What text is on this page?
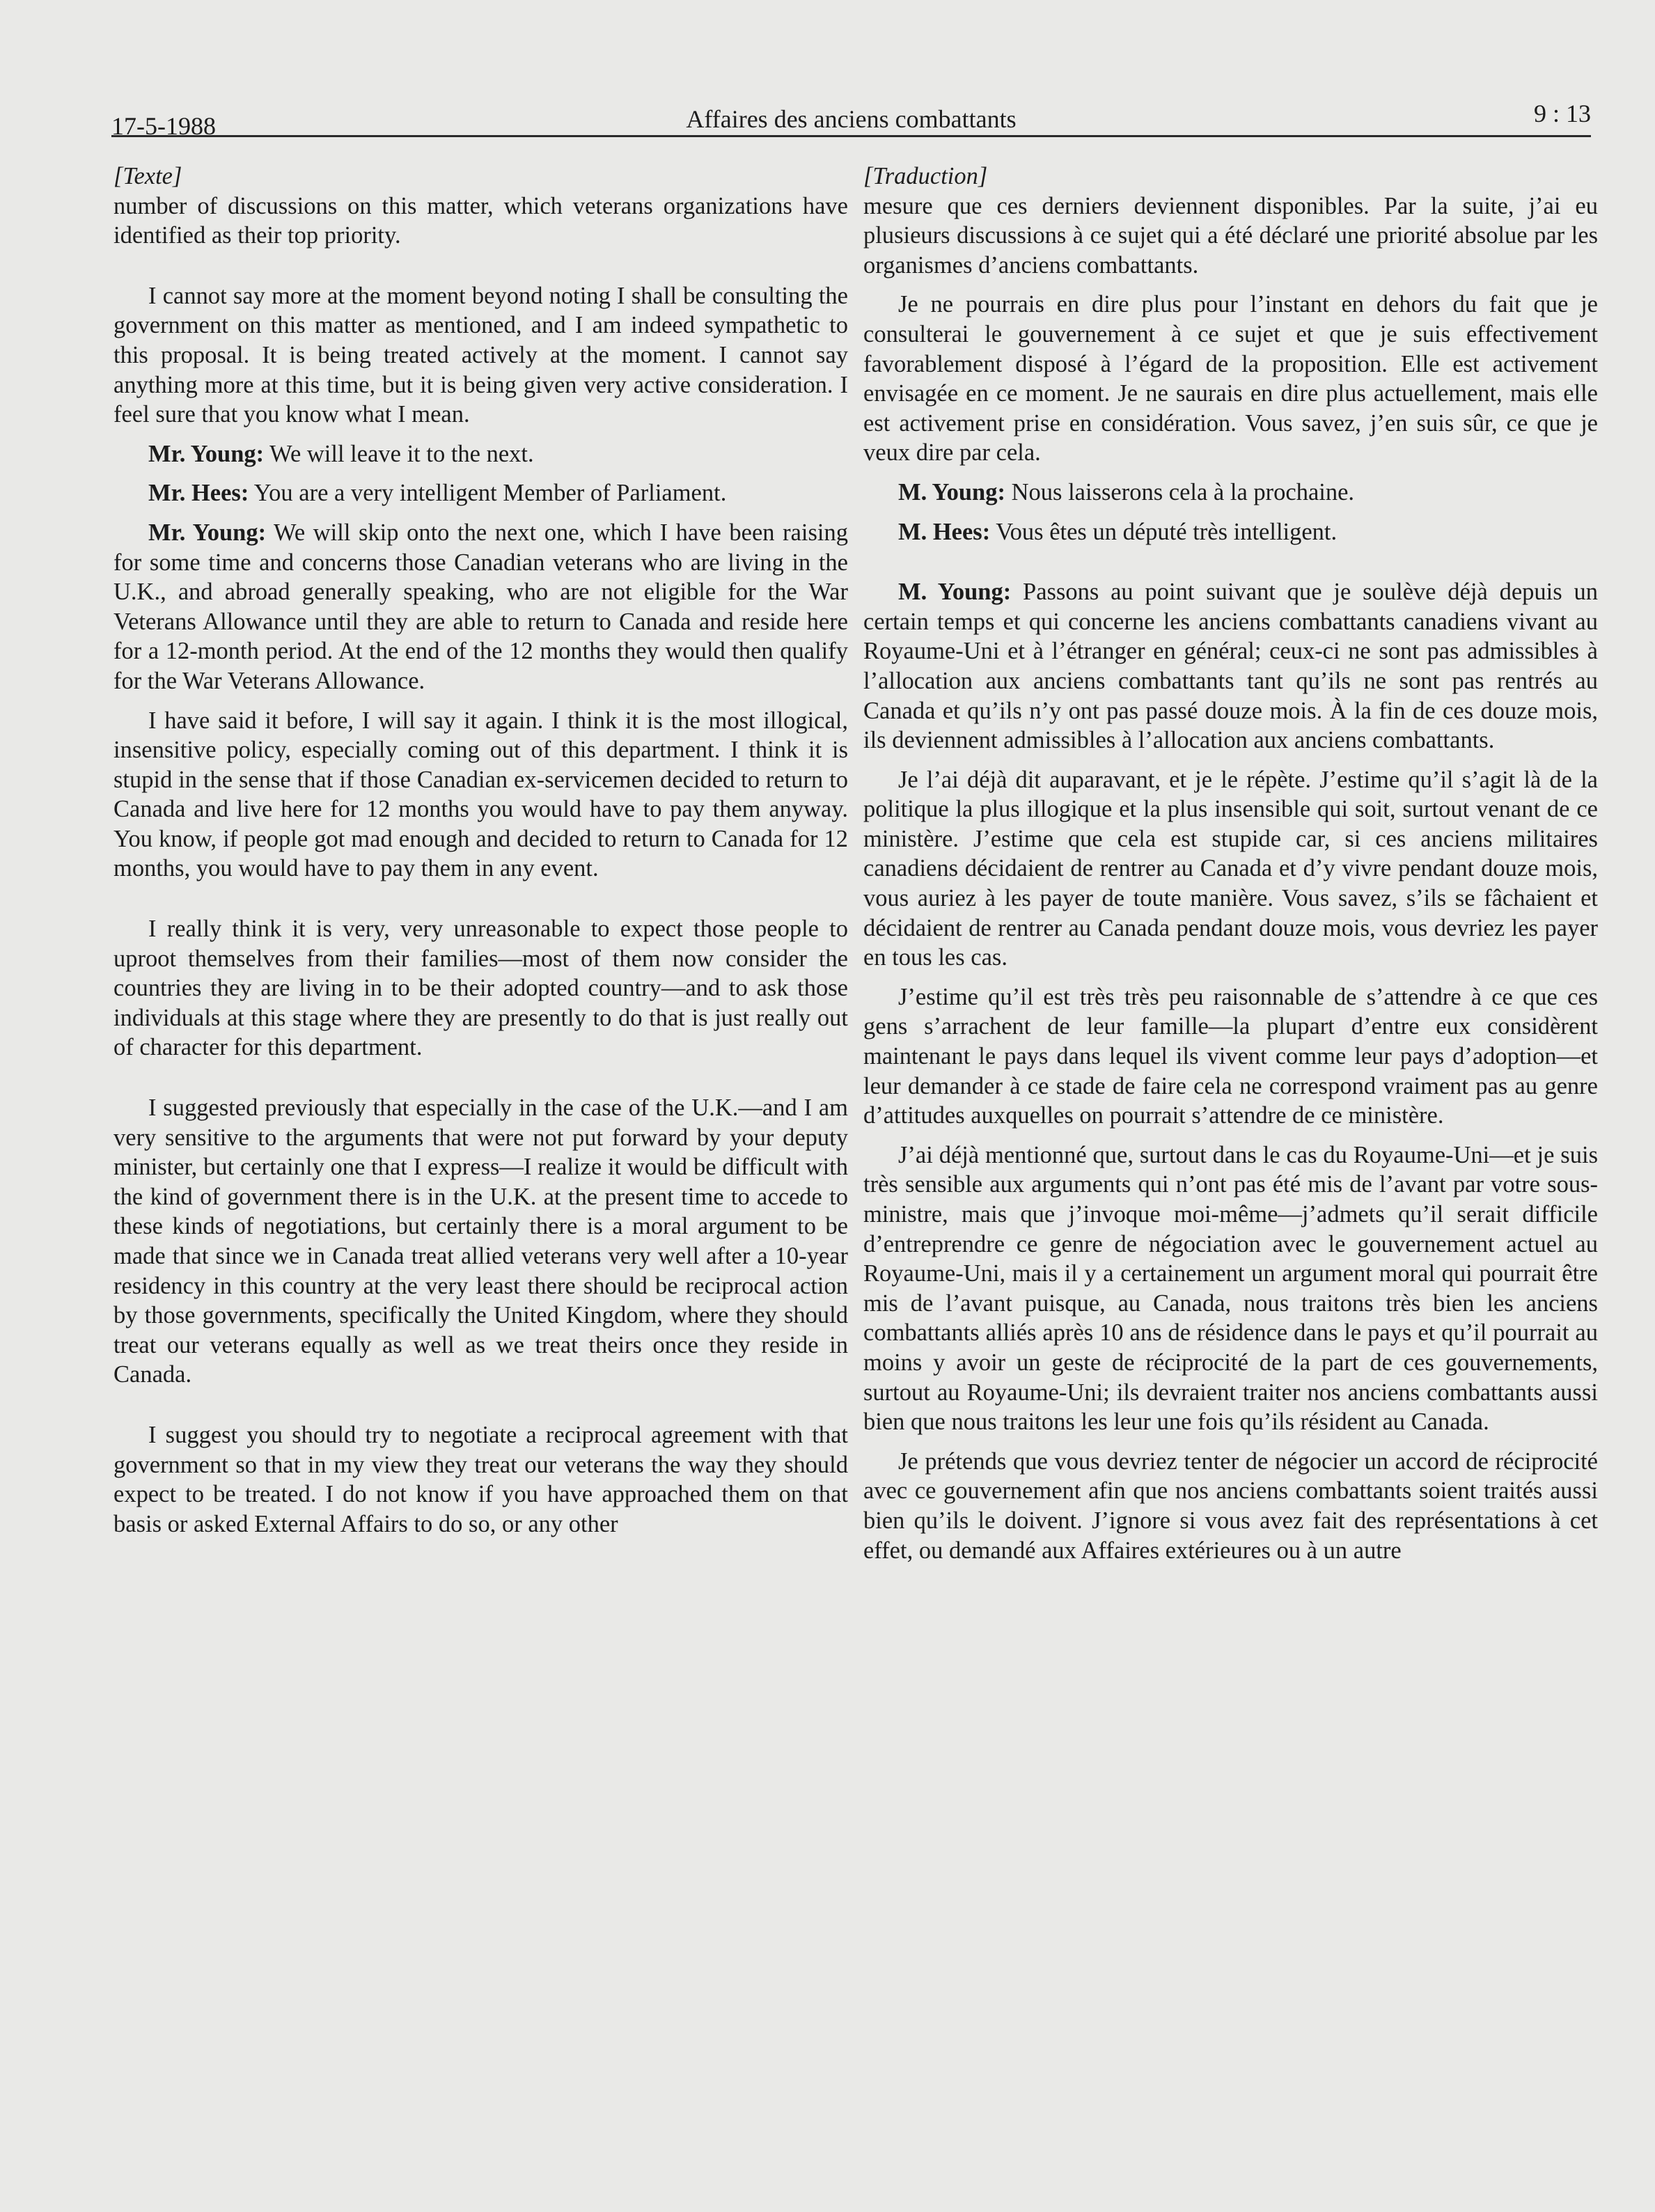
17-5-1988	Affaires des anciens combattants	9 : 13
[Texte]

number of discussions on this matter, which veterans organizations have identified as their top priority.

I cannot say more at the moment beyond noting I shall be consulting the government on this matter as mentioned, and I am indeed sympathetic to this proposal. It is being treated actively at the moment. I cannot say anything more at this time, but it is being given very active consideration. I feel sure that you know what I mean.

Mr. Young: We will leave it to the next.

Mr. Hees: You are a very intelligent Member of Parliament.

Mr. Young: We will skip onto the next one, which I have been raising for some time and concerns those Canadian veterans who are living in the U.K., and abroad generally speaking, who are not eligible for the War Veterans Allowance until they are able to return to Canada and reside here for a 12-month period. At the end of the 12 months they would then qualify for the War Veterans Allowance.

I have said it before, I will say it again. I think it is the most illogical, insensitive policy, especially coming out of this department. I think it is stupid in the sense that if those Canadian ex-servicemen decided to return to Canada and live here for 12 months you would have to pay them anyway. You know, if people got mad enough and decided to return to Canada for 12 months, you would have to pay them in any event.

I really think it is very, very unreasonable to expect those people to uproot themselves from their families—most of them now consider the countries they are living in to be their adopted country—and to ask those individuals at this stage where they are presently to do that is just really out of character for this department.

I suggested previously that especially in the case of the U.K.—and I am very sensitive to the arguments that were not put forward by your deputy minister, but certainly one that I express—I realize it would be difficult with the kind of government there is in the U.K. at the present time to accede to these kinds of negotiations, but certainly there is a moral argument to be made that since we in Canada treat allied veterans very well after a 10-year residency in this country at the very least there should be reciprocal action by those governments, specifically the United Kingdom, where they should treat our veterans equally as well as we treat theirs once they reside in Canada.

I suggest you should try to negotiate a reciprocal agreement with that government so that in my view they treat our veterans the way they should expect to be treated. I do not know if you have approached them on that basis or asked External Affairs to do so, or any other

[Traduction]

mesure que ces derniers deviennent disponibles. Par la suite, j’ai eu plusieurs discussions à ce sujet qui a été déclaré une priorité absolue par les organismes d’anciens combattants.

Je ne pourrais en dire plus pour l’instant en dehors du fait que je consulterai le gouvernement à ce sujet et que je suis effectivement favorablement disposé à l’égard de la proposition. Elle est activement envisagée en ce moment. Je ne saurais en dire plus actuellement, mais elle est activement prise en considération. Vous savez, j’en suis sûr, ce que je veux dire par cela.

M. Young: Nous laisserons cela à la prochaine.

M. Hees: Vous êtes un député très intelligent.

M. Young: Passons au point suivant que je soulève déjà depuis un certain temps et qui concerne les anciens combattants canadiens vivant au Royaume-Uni et à l’étranger en général; ceux-ci ne sont pas admissibles à l’allocation aux anciens combattants tant qu’ils ne sont pas rentrés au Canada et qu’ils n’y ont pas passé douze mois. À la fin de ces douze mois, ils deviennent admissibles à l’allocation aux anciens combattants.

Je l’ai déjà dit auparavant, et je le répète. J’estime qu’il s’agit là de la politique la plus illogique et la plus insensible qui soit, surtout venant de ce ministère. J’estime que cela est stupide car, si ces anciens militaires canadiens décidaient de rentrer au Canada et d’y vivre pendant douze mois, vous auriez à les payer de toute manière. Vous savez, s’ils se fâchaient et décidaient de rentrer au Canada pendant douze mois, vous devriez les payer en tous les cas.

J’estime qu’il est très très peu raisonnable de s’attendre à ce que ces gens s’arrachent de leur famille—la plupart d’entre eux considèrent maintenant le pays dans lequel ils vivent comme leur pays d’adoption—et leur demander à ce stade de faire cela ne correspond vraiment pas au genre d’attitudes auxquelles on pourrait s’attendre de ce ministère.

J’ai déjà mentionné que, surtout dans le cas du Royaume-Uni—et je suis très sensible aux arguments qui n’ont pas été mis de l’avant par votre sous-ministre, mais que j’invoque moi-même—j’admets qu’il serait difficile d’entreprendre ce genre de négociation avec le gouvernement actuel au Royaume-Uni, mais il y a certainement un argument moral qui pourrait être mis de l’avant puisque, au Canada, nous traitons très bien les anciens combattants alliés après 10 ans de résidence dans le pays et qu’il pourrait au moins y avoir un geste de réciprocité de la part de ces gouvernements, surtout au Royaume-Uni; ils devraient traiter nos anciens combattants aussi bien que nous traitons les leur une fois qu’ils résident au Canada.

Je prétends que vous devriez tenter de négocier un accord de réciprocité avec ce gouvernement afin que nos anciens combattants soient traités aussi bien qu’ils le doivent. J’ignore si vous avez fait des représentations à cet effet, ou demandé aux Affaires extérieures ou à un autre
